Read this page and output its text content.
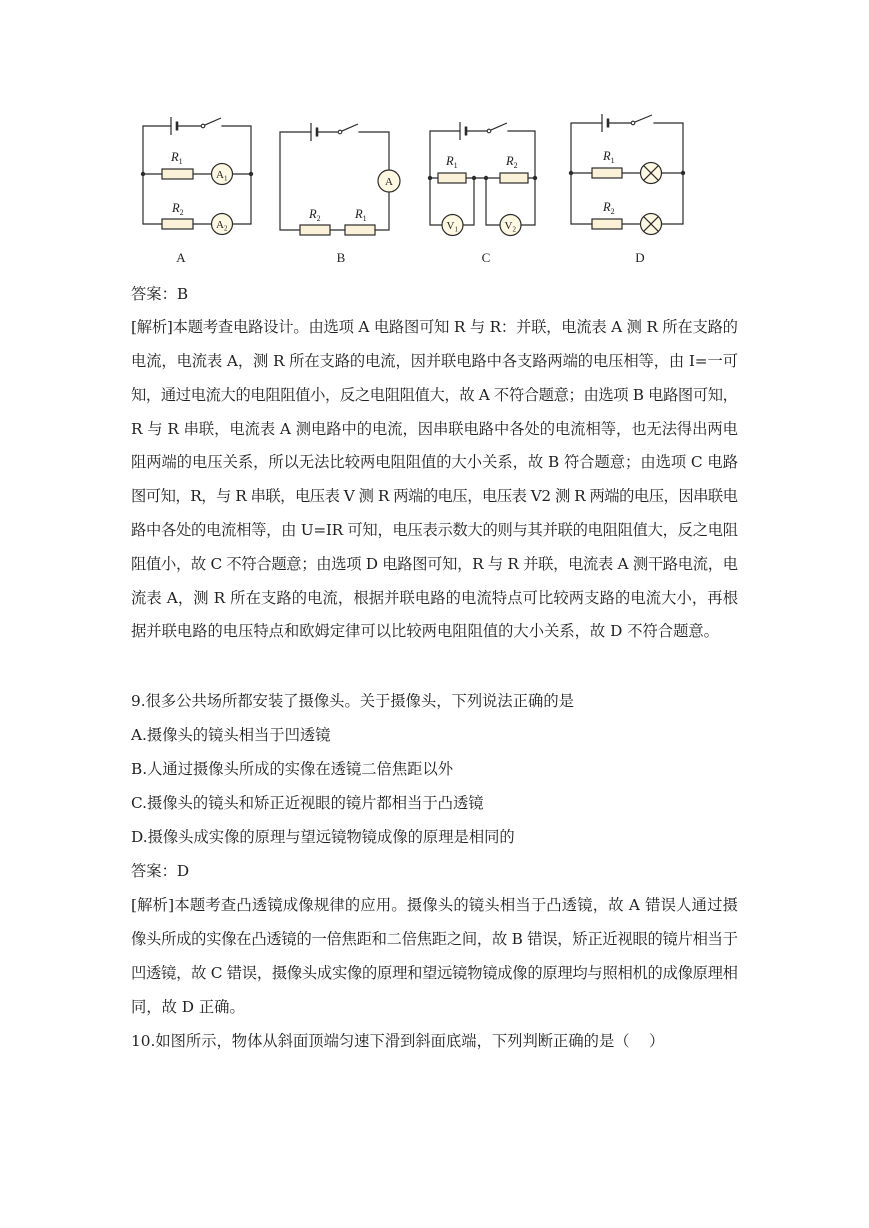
$R_1$
$R_2$
$A_1$
$A_2$
A
$R_2$	$R_1$
A
B
$R_1$	$R_2$
$V_1$	$V_2$
C
$R_1$
$R_2$
D
答案：B
[解析]本题考查电路设计。由选项 A 电路图可知 R 与 R：并联，电流表 A 测 R 所在支路的
电流，电流表 A，测 R 所在支路的电流，因并联电路中各支路两端的电压相等，由 I=一可
知，通过电流大的电阻阻值小，反之电阻阻值大，故 A 不符合题意；由选项 B 电路图可知，
R 与 R 串联，电流表 A 测电路中的电流，因串联电路中各处的电流相等，也无法得出两电
阻两端的电压关系，所以无法比较两电阻阻值的大小关系，故 B 符合题意；由选项 C 电路
图可知，R，与 R 串联，电压表 V 测 R 两端的电压，电压表 V2 测 R 两端的电压，因串联电
路中各处的电流相等，由 U=IR 可知，电压表示数大的则与其并联的电阻阻值大，反之电阻
阻值小，故 C 不符合题意；由选项 D 电路图可知，R 与 R 并联，电流表 A 测干路电流，电
流表 A，测 R 所在支路的电流，根据并联电路的电流特点可比较两支路的电流大小，再根
据并联电路的电压特点和欧姆定律可以比较两电阻阻值的大小关系，故 D 不符合题意。
9.很多公共场所都安装了摄像头。关于摄像头，下列说法正确的是
A.摄像头的镜头相当于凹透镜
B.人通过摄像头所成的实像在透镜二倍焦距以外
C.摄像头的镜头和矫正近视眼的镜片都相当于凸透镜
D.摄像头成实像的原理与望远镜物镜成像的原理是相同的
答案：D
[解析]本题考查凸透镜成像规律的应用。摄像头的镜头相当于凸透镜，故 A 错误人通过摄
像头所成的实像在凸透镜的一倍焦距和二倍焦距之间，故 B 错误，矫正近视眼的镜片相当于
凹透镜，故 C 错误，摄像头成实像的原理和望远镜物镜成像的原理均与照相机的成像原理相
同，故 D 正确。
10.如图所示，物体从斜面顶端匀速下滑到斜面底端，下列判断正确的是（    ）
